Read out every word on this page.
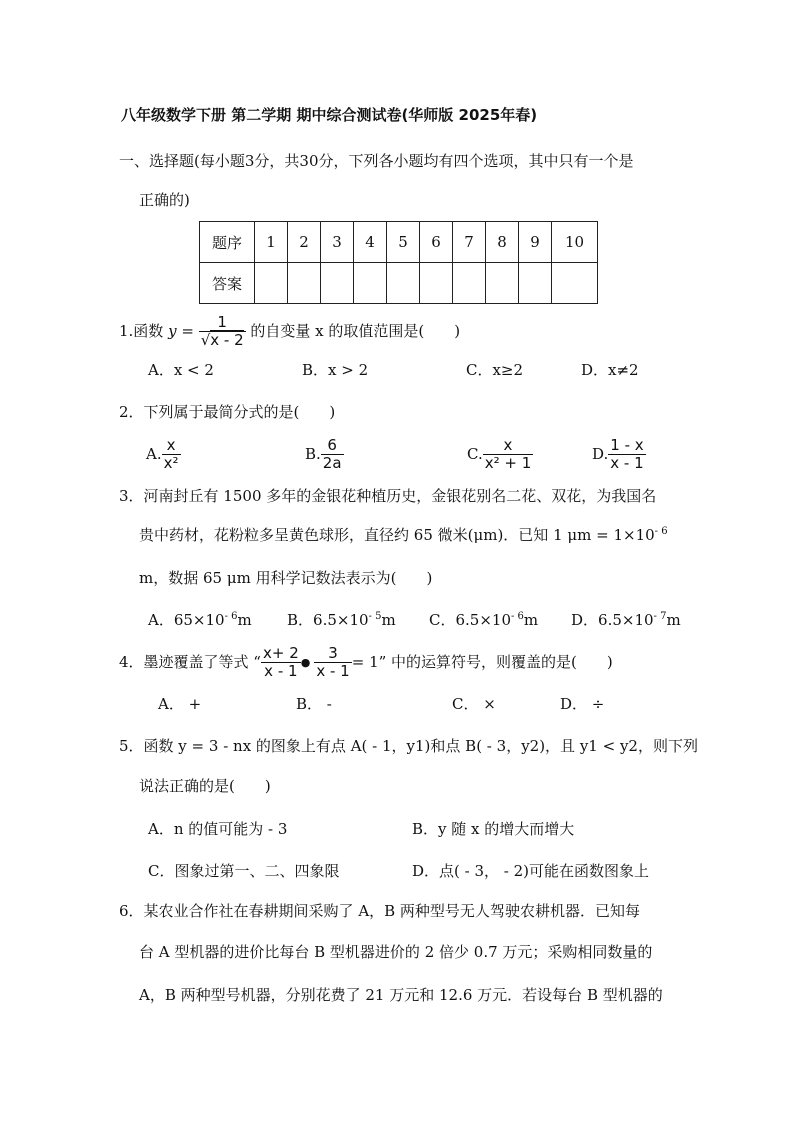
八年级数学下册 第二学期 期中综合测试卷(华师版 2025年春)
一、选择题(每小题3分，共30分，下列各小题均有四个选项，其中只有一个是
正确的)
题序	1	2	3	4	5	6	7	8	9	10
答案										
1.函数 $y = \frac{1}{√x - 2}$ 的自变量 x 的取值范围是(　　)
A．x < 2	B．x > 2	C．x≥2	D．x≠2
2．下列属于最简分式的是(　　)
A. $\frac{x}{\text{x²}}$	B. $\frac{6}{2a}$	C. $\frac{x}{\text{x² + 1}}$	D. $\frac{1 - x}{x - 1}$
3．河南封丘有 1500 多年的金银花种植历史，金银花别名二花、双花，为我国名
贵中药材，花粉粒多呈黄色球形，直径约 65 微米(μm)．已知 1 $\mu m = 1\times 10^{- 6}$
m，数据 65 μm 用科学记数法表示为(　　)
A．$65\times 10^{- 6}m$ B．$6.5\times 10^{- 5}m$ C．$6.5\times 10^{- 6}m$ D．$6.5\times 10^{- 7}m$
4．墨迹覆盖了等式 “ $\frac{x+ 2}{x - 1}$ ● $\frac{3}{x - 1} = 1$” 中的运算符号，则覆盖的是(　　)
A． +	B． -	C． ×	D． ÷
5．函数 y = 3 - nx 的图象上有点 A( - 1，y1)和点 B( - 3，y2)，且 y1 < y2，则下列
说法正确的是(　　)
A．n 的值可能为 - 3	B．y 随 x 的增大而增大
C．图象过第一、二、四象限	D．点( - 3， - 2)可能在函数图象上
6．某农业合作社在春耕期间采购了 A，B 两种型号无人驾驶农耕机器．已知每
台 A 型机器的进价比每台 B 型机器进价的 2 倍少 0.7 万元；采购相同数量的
A，B 两种型号机器，分别花费了 21 万元和 12.6 万元．若设每台 B 型机器的
